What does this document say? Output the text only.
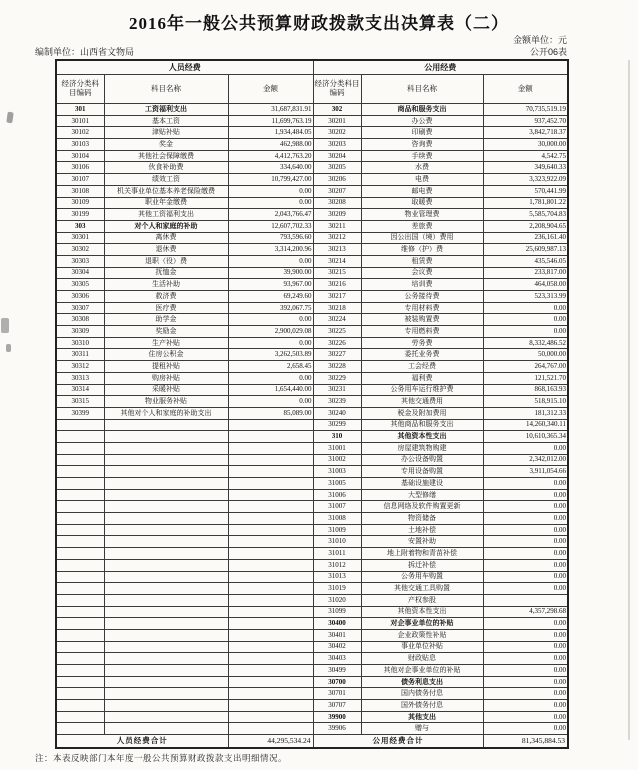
2016年一般公共预算财政拨款支出决算表（二）
金额单位：元
编制单位：山西省文物局	公开06表
人员经费			公用经费		
经济分类科目编码	科目名称	金额	经济分类科目编码	科目名称	金额
301	工资福利支出	31,687,831.91	302	商品和服务支出	70,735,519.19
30101	基本工资	11,699,763.19	30201	办公费	937,452.70
30102	津贴补贴	1,934,484.05	30202	印刷费	3,842,718.37
30103	奖金	462,988.00	30203	咨询费	30,000.00
30104	其他社会保障缴费	4,412,763.20	30204	手续费	4,542.75
30106	伙食补助费	334,640.00	30205	水费	349,640.33
30107	绩效工资	10,799,427.00	30206	电费	3,323,922.09
30108	机关事业单位基本养老保险缴费	0.00	30207	邮电费	570,441.99
30109	职业年金缴费	0.00	30208	取暖费	1,781,801.22
30199	其他工资福利支出	2,043,766.47	30209	物业管理费	5,585,704.83
303	对个人和家庭的补助	12,607,702.33	30211	差旅费	2,208,904.65
30301	离休费	793,596.60	30212	因公出国（境）费用	236,161.40
30302	退休费	3,314,200.96	30213	维修（护）费	25,609,987.13
30303	退职（役）费	0.00	30214	租赁费	435,546.05
30304	抚恤金	39,900.00	30215	会议费	233,817.00
30305	生活补助	93,967.00	30216	培训费	464,058.00
30306	救济费	69,249.60	30217	公务接待费	523,313.99
30307	医疗费	392,067.75	30218	专用材料费	0.00
30308	助学金	0.00	30224	被装购置费	0.00
30309	奖励金	2,900,029.08	30225	专用燃料费	0.00
30310	生产补贴	0.00	30226	劳务费	8,332,486.52
30311	住房公积金	3,262,503.89	30227	委托业务费	50,000.00
30312	提租补贴	2,658.45	30228	工会经费	264,767.00
30313	购房补贴	0.00	30229	福利费	121,521.70
30314	采暖补贴	1,654,440.00	30231	公务用车运行维护费	868,163.93
30315	物业服务补贴	0.00	30239	其他交通费用	518,915.10
30399	其他对个人和家庭的补助支出	85,089.00	30240	税金及附加费用	181,312.33
			30299	其他商品和服务支出	14,260,340.11
			310	其他资本性支出	10,610,365.34
			31001	房屋建筑物购建	0.00
			31002	办公设备购置	2,342,012.00
			31003	专用设备购置	3,911,054.66
			31005	基础设施建设	0.00
			31006	大型修缮	0.00
			31007	信息网络及软件购置更新	0.00
			31008	物资储备	0.00
			31009	土地补偿	0.00
			31010	安置补助	0.00
			31011	地上附着物和青苗补偿	0.00
			31012	拆迁补偿	0.00
			31013	公务用车购置	0.00
			31019	其他交通工具购置	0.00
			31020	产权参股	
			31099	其他资本性支出	4,357,298.68
			30400	对企事业单位的补贴	0.00
			30401	企业政策性补贴	0.00
			30402	事业单位补贴	0.00
			30403	财政贴息	0.00
			30499	其他对企事业单位的补贴	0.00
			30700	债务利息支出	0.00
			30701	国内债务付息	0.00
			30707	国外债务付息	0.00
			39900	其他支出	0.00
			39906	赠与	0.00
人员经费合计		44,295,534.24	公用经费合计		81,345,884.53
注：本表反映部门本年度一般公共预算财政拨款支出明细情况。
